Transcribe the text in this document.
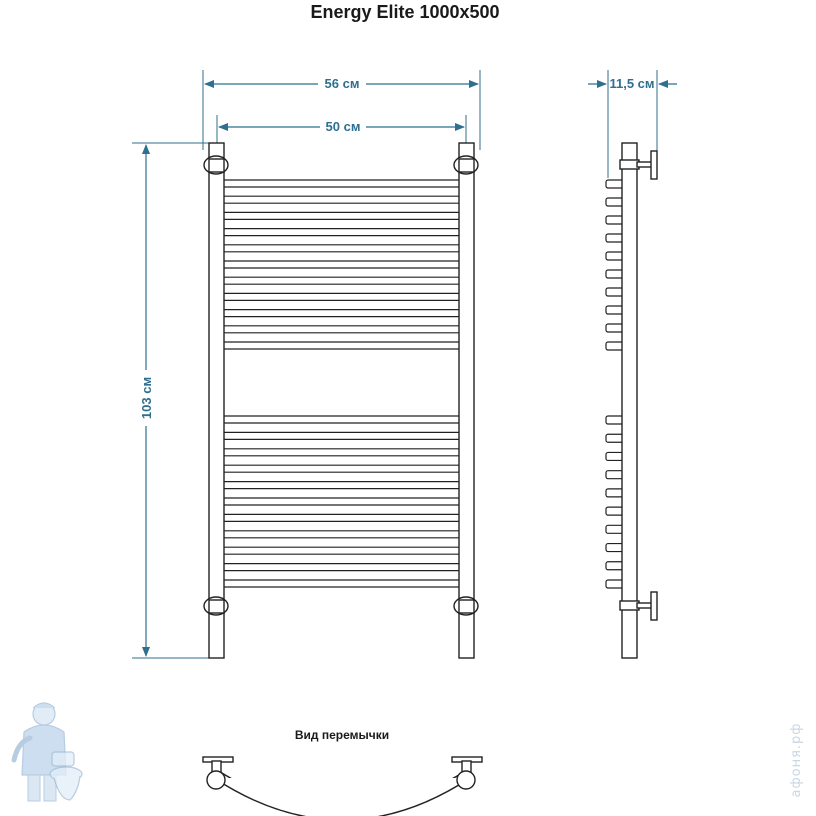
Energy Elite 1000x500
56 см
50 см
103 см
11,5 см
Вид перемычки	афоня.рф
